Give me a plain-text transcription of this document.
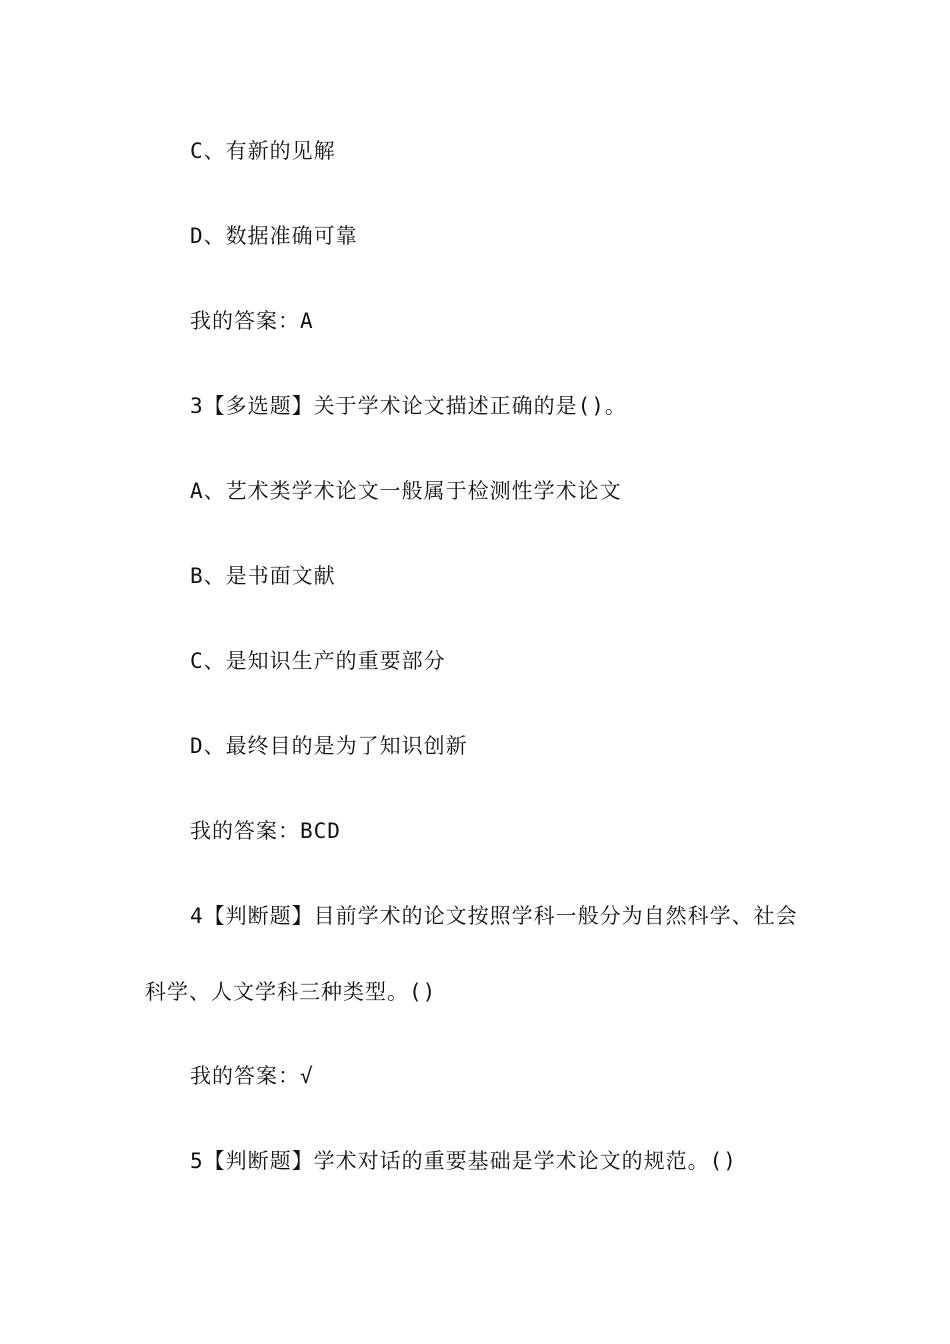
C、有新的见解
D、数据准确可靠
我的答案：A
3【多选题】关于学术论文描述正确的是()。
A、艺术类学术论文一般属于检测性学术论文
B、是书面文献
C、是知识生产的重要部分
D、最终目的是为了知识创新
我的答案：BCD
4【判断题】目前学术的论文按照学科一般分为自然科学、社会
科学、人文学科三种类型。()
我的答案：√
5【判断题】学术对话的重要基础是学术论文的规范。()
